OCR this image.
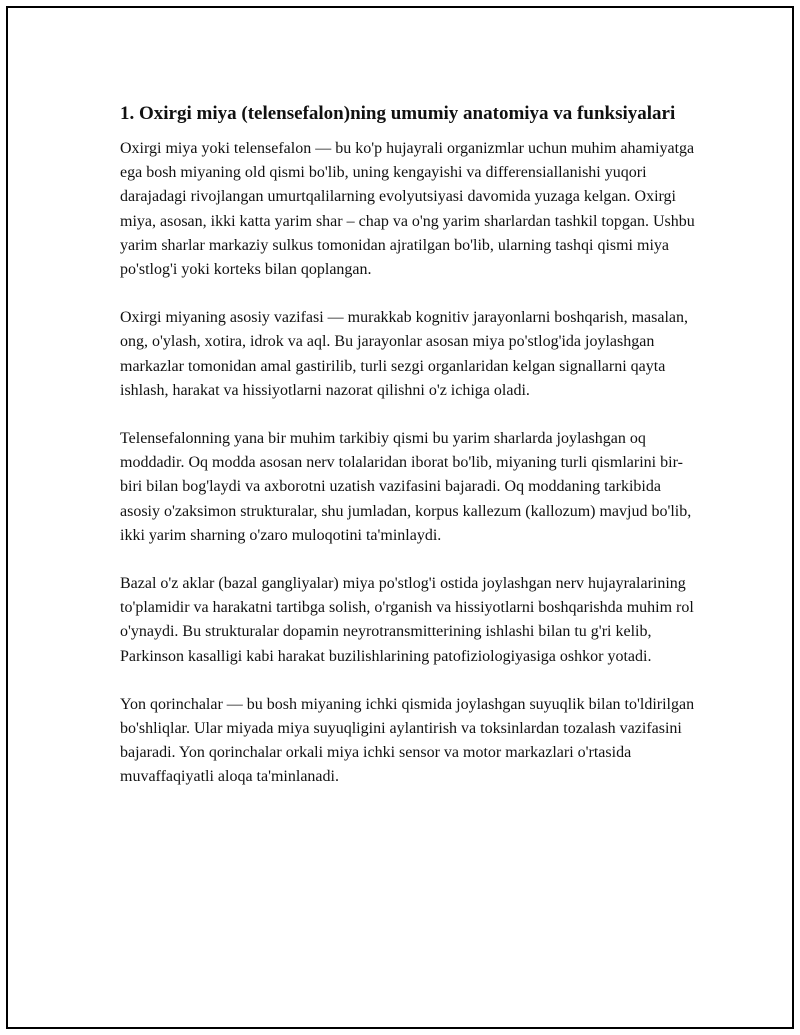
1. Oxirgi miya (telensefalon)ning umumiy anatomiya va funksiyalari

Oxirgi miya yoki telensefalon — bu ko'p hujayrali organizmlar uchun muhim ahamiyatga ega bosh miyaning old qismi bo'lib, uning kengayishi va differensiallanishi yuqori darajadagi rivojlangan umurtqalilarning evolyutsiyasi davomida yuzaga kelgan. Oxirgi miya, asosan, ikki katta yarim shar – chap va o'ng yarim sharlardan tashkil topgan. Ushbu yarim sharlar markaziy sulkus tomonidan ajratilgan bo'lib, ularning tashqi qismi miya po'stlog'i yoki korteks bilan qoplangan.

Oxirgi miyaning asosiy vazifasi — murakkab kognitiv jarayonlarni boshqarish, masalan, ong, o'ylash, xotira, idrok va aql. Bu jarayonlar asosan miya po'stlog'ida joylashgan markazlar tomonidan amal gastirilib, turli sezgi organlaridan kelgan signallarni qayta ishlash, harakat va hissiyotlarni nazorat qilishni o'z ichiga oladi.

Telensefalonning yana bir muhim tarkibiy qismi bu yarim sharlarda joylashgan oq moddadir. Oq modda asosan nerv tolalaridan iborat bo'lib, miyaning turli qismlarini bir-biri bilan bog'laydi va axborotni uzatish vazifasini bajaradi. Oq moddaning tarkibida asosiy o'zaksimon strukturalar, shu jumladan, korpus kallezum (kallozum) mavjud bo'lib, ikki yarim sharning o'zaro muloqotini ta'minlaydi.

Bazal o'z aklar (bazal gangliyalar) miya po'stlog'i ostida joylashgan nerv hujayralarining to'plamidir va harakatni tartibga solish, o'rganish va hissiyotlarni boshqarishda muhim rol o'ynaydi. Bu strukturalar dopamin neyrotransmitterining ishlashi bilan tu g'ri kelib, Parkinson kasalligi kabi harakat buzilishlarining patofiziologiyasiga oshkor yotadi.

Yon qorinchalar — bu bosh miyaning ichki qismida joylashgan suyuqlik bilan to'ldirilgan bo'shliqlar. Ular miyada miya suyuqligini aylantirish va toksinlardan tozalash vazifasini bajaradi. Yon qorinchalar orkali miya ichki sensor va motor markazlari o'rtasida muvaffaqiyatli aloqa ta'minlanadi.
